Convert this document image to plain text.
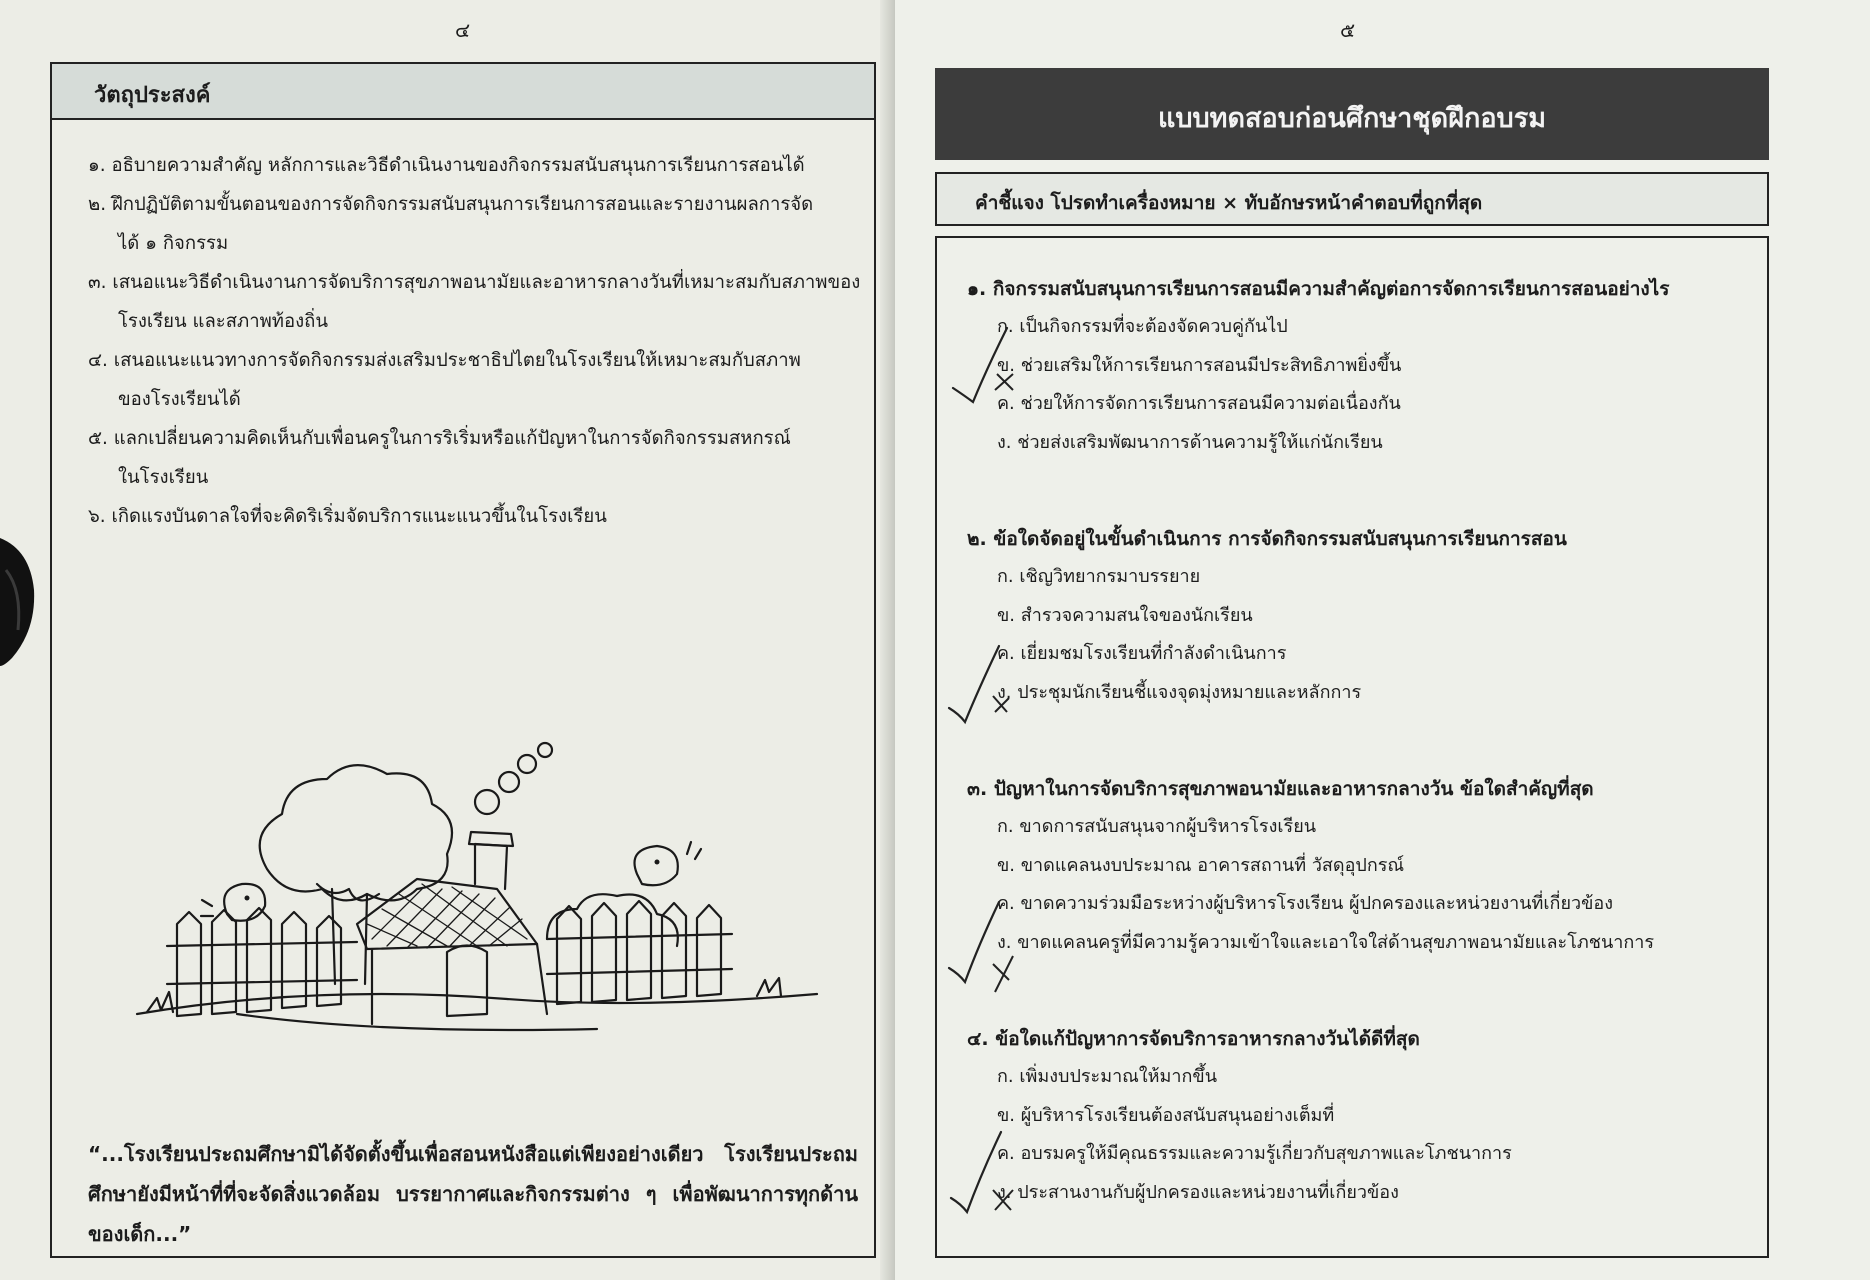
๔
วัตถุประสงค์
๑. อธิบายความสำคัญ หลักการและวิธีดำเนินงานของกิจกรรมสนับสนุนการเรียนการสอนได้
๒. ฝึกปฏิบัติตามขั้นตอนของการจัดกิจกรรมสนับสนุนการเรียนการสอนและรายงานผลการจัด
ได้ ๑ กิจกรรม
๓. เสนอแนะวิธีดำเนินงานการจัดบริการสุขภาพอนามัยและอาหารกลางวันที่เหมาะสมกับสภาพของ
โรงเรียน และสภาพท้องถิ่น
๔. เสนอแนะแนวทางการจัดกิจกรรมส่งเสริมประชาธิปไตยในโรงเรียนให้เหมาะสมกับสภาพ
ของโรงเรียนได้
๕. แลกเปลี่ยนความคิดเห็นกับเพื่อนครูในการริเริ่มหรือแก้ปัญหาในการจัดกิจกรรมสหกรณ์
ในโรงเรียน
๖. เกิดแรงบันดาลใจที่จะคิดริเริ่มจัดบริการแนะแนวขึ้นในโรงเรียน
“...โรงเรียนประถมศึกษามิได้จัดตั้งขึ้นเพื่อสอนหนังสือแต่เพียงอย่างเดียว โรงเรียนประถมศึกษายังมีหน้าที่ที่จะจัดสิ่งแวดล้อม บรรยากาศและกิจกรรมต่าง ๆ เพื่อพัฒนาการทุกด้านของเด็ก...”
๕
แบบทดสอบก่อนศึกษาชุดฝึกอบรม
คำชี้แจง โปรดทำเครื่องหมาย × ทับอักษรหน้าคำตอบที่ถูกที่สุด
๑. กิจกรรมสนับสนุนการเรียนการสอนมีความสำคัญต่อการจัดการเรียนการสอนอย่างไร
ก. เป็นกิจกรรมที่จะต้องจัดควบคู่กันไป
ข. ช่วยเสริมให้การเรียนการสอนมีประสิทธิภาพยิ่งขึ้น
ค. ช่วยให้การจัดการเรียนการสอนมีความต่อเนื่องกัน
ง. ช่วยส่งเสริมพัฒนาการด้านความรู้ให้แก่นักเรียน
๒. ข้อใดจัดอยู่ในขั้นดำเนินการ การจัดกิจกรรมสนับสนุนการเรียนการสอน
ก. เชิญวิทยากรมาบรรยาย
ข. สำรวจความสนใจของนักเรียน
ค. เยี่ยมชมโรงเรียนที่กำลังดำเนินการ
ง. ประชุมนักเรียนชี้แจงจุดมุ่งหมายและหลักการ
๓. ปัญหาในการจัดบริการสุขภาพอนามัยและอาหารกลางวัน ข้อใดสำคัญที่สุด
ก. ขาดการสนับสนุนจากผู้บริหารโรงเรียน
ข. ขาดแคลนงบประมาณ อาคารสถานที่ วัสดุอุปกรณ์
ค. ขาดความร่วมมือระหว่างผู้บริหารโรงเรียน ผู้ปกครองและหน่วยงานที่เกี่ยวข้อง
ง. ขาดแคลนครูที่มีความรู้ความเข้าใจและเอาใจใส่ด้านสุขภาพอนามัยและโภชนาการ
๔. ข้อใดแก้ปัญหาการจัดบริการอาหารกลางวันได้ดีที่สุด
ก. เพิ่มงบประมาณให้มากขึ้น
ข. ผู้บริหารโรงเรียนต้องสนับสนุนอย่างเต็มที่
ค. อบรมครูให้มีคุณธรรมและความรู้เกี่ยวกับสุขภาพและโภชนาการ
ง. ประสานงานกับผู้ปกครองและหน่วยงานที่เกี่ยวข้อง
